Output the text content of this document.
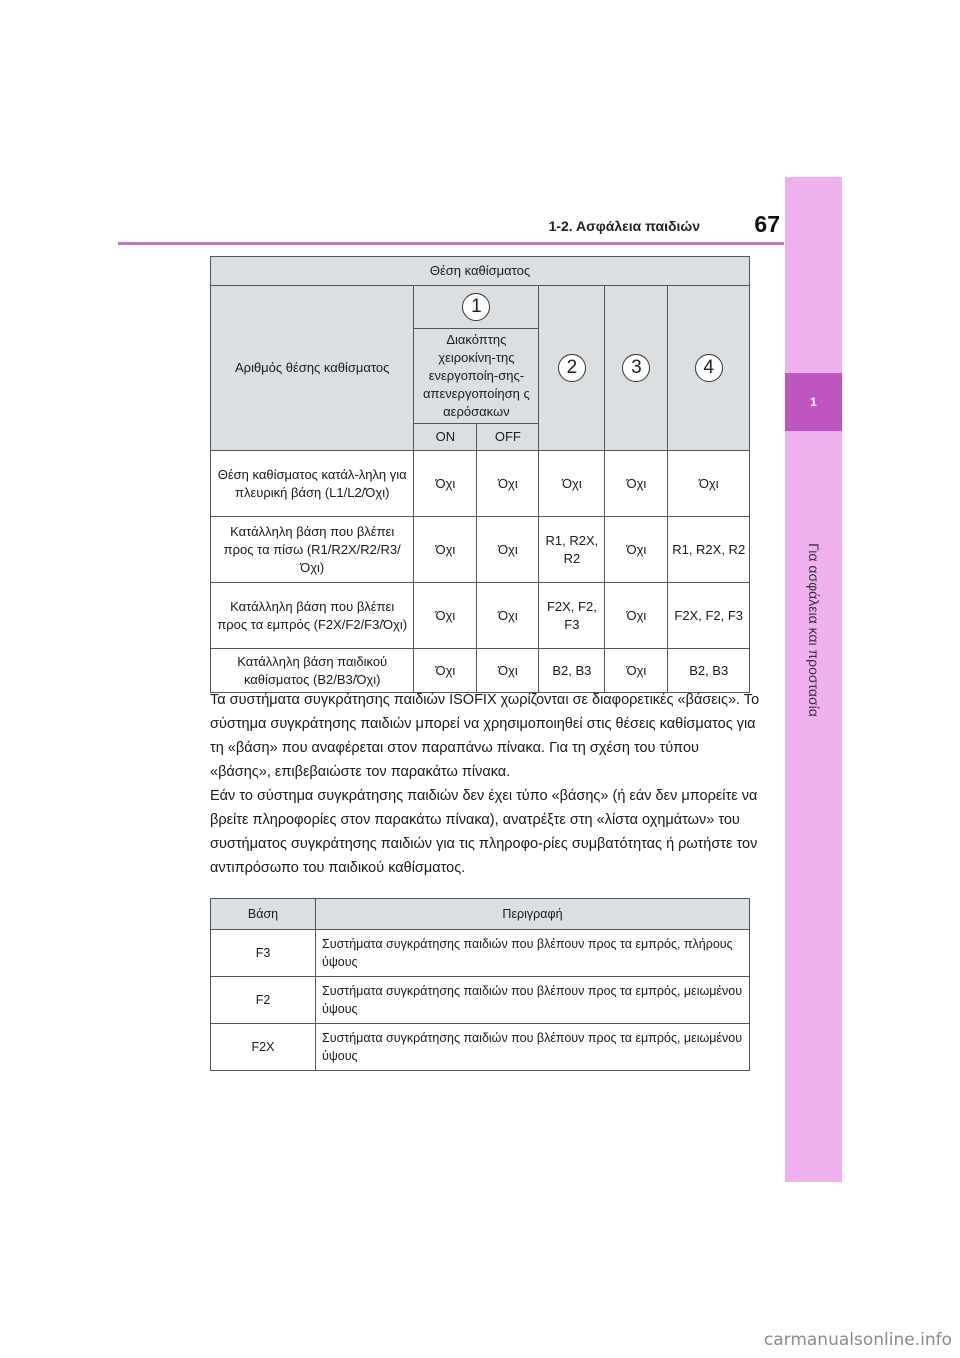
1-2. Ασφάλεια παιδιών	67
1
Για ασφάλεια και προστασία
Θέση καθίσματος					
Αριθμός θέσης καθίσματος	1		2	3	4
	Διακόπτης χειροκίνη-της ενεργοποίη-σης-απενεργοποίηση ς αερόσακων				
	ON	OFF			
Θέση καθίσματος κατάλ-ληλη για πλευρική βάση (L1/L2/Όχι)	Όχι	Όχι	Όχι	Όχι	Όχι
Κατάλληλη βάση που βλέπει προς τα πίσω (R1/R2X/R2/R3/Όχι)	Όχι	Όχι	R1, R2X, R2	Όχι	R1, R2X, R2
Κατάλληλη βάση που βλέπει προς τα εμπρός (F2X/F2/F3/Όχι)	Όχι	Όχι	F2X, F2, F3	Όχι	F2X, F2, F3
Κατάλληλη βάση παιδικού καθίσματος (B2/B3/Όχι)	Όχι	Όχι	B2, B3	Όχι	B2, B3

Τα συστήματα συγκράτησης παιδιών ISOFIX χωρίζονται σε διαφορετικές «βάσεις». Το σύστημα συγκράτησης παιδιών μπορεί να χρησιμοποιηθεί στις θέσεις καθίσματος για τη «βάση» που αναφέρεται στον παραπάνω πίνακα. Για τη σχέση του τύπου «βάσης», επιβεβαιώστε τον παρακάτω πίνακα.

Εάν το σύστημα συγκράτησης παιδιών δεν έχει τύπο «βάσης» (ή εάν δεν μπορείτε να βρείτε πληροφορίες στον παρακάτω πίνακα), ανατρέξτε στη «λίστα οχημάτων» του συστήματος συγκράτησης παιδιών για τις πληροφο-ρίες συμβατότητας ή ρωτήστε τον αντιπρόσωπο του παιδικού καθίσματος.

Βάση	Περιγραφή
F3	Συστήματα συγκράτησης παιδιών που βλέπουν προς τα εμπρός, πλήρους ύψους
F2	Συστήματα συγκράτησης παιδιών που βλέπουν προς τα εμπρός, μειωμένου ύψους
F2X	Συστήματα συγκράτησης παιδιών που βλέπουν προς τα εμπρός, μειωμένου ύψους
carmanualsonline.info
